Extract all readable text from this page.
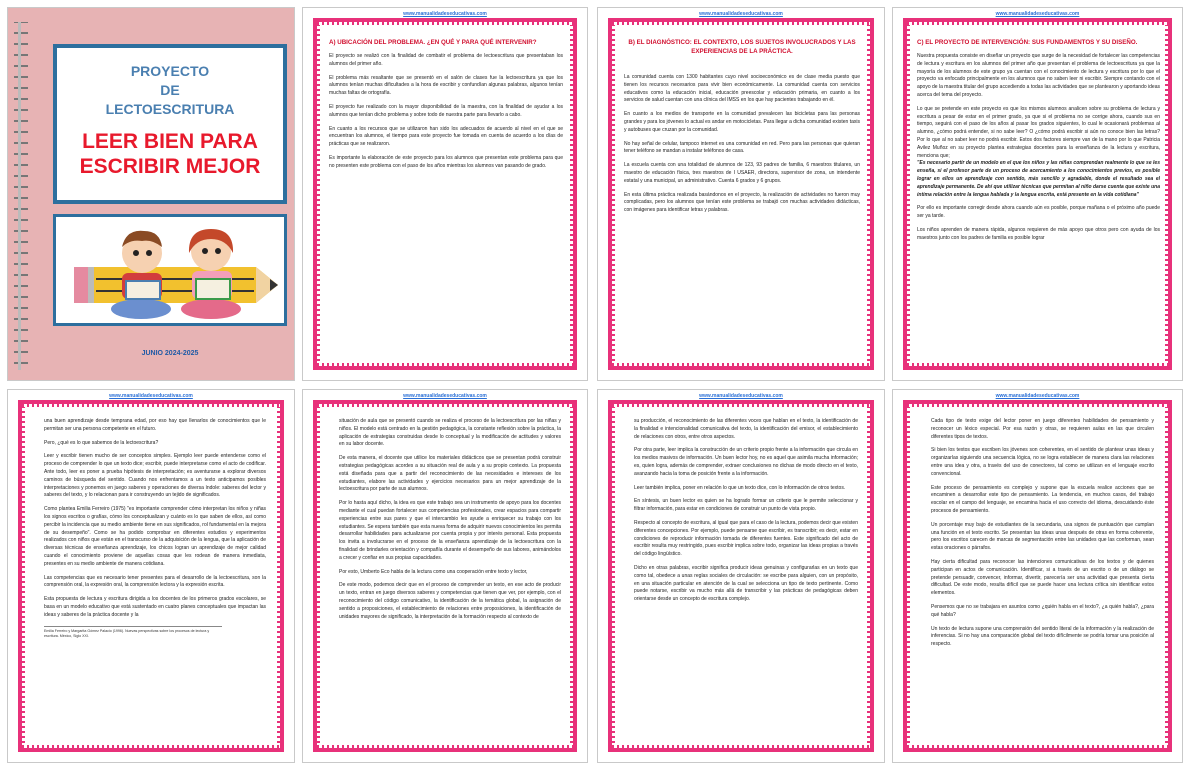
PROYECTO
DE
LECTOESCRITURA
LEER BIEN PARA
ESCRIBIR MEJOR
JUNIO 2024-2025
www.manualidadeseducativas.com
A) UBICACIÓN DEL PROBLEMA. ¿EN QUÉ Y PARA QUÉ INTERVENIR?

El proyecto se realizó con la finalidad de combatir el problema de lectoescritura que presentaban los alumnos del primer año.

El problema más resaltante que se presentó en el salón de clases fue la lectoescritura ya que los alumnos tenían muchas dificultades a la hora de escribir y confundían algunas palabras, algunos tenían muchas faltas de ortografía.

El proyecto fue realizado con la mayor disponibilidad de la maestra, con la finalidad de ayudar a los alumnos que tenían dicho problema y sobre todo de nuestra parte para llevarlo a cabo.

En cuanto a los recursos que se utilizaron han sido los adecuados de acuerdo al nivel en el que se encuentran los alumnos, el tiempo para este proyecto fue tomada en cuenta de acuerdo a los días de prácticas que se realizaron.

Es importante la elaboración de este proyecto para los alumnos que presentan este problema para que no presenten este problema con el paso de los años mientras los alumnos van pasando de grado.

www.manualidadeseducativas.com
B) EL DIAGNÓSTICO: EL CONTEXTO, LOS SUJETOS INVOLUCRADOS Y LAS EXPERIENCIAS DE LA PRÁCTICA.

La comunidad cuenta con 1300 habitantes cuyo nivel socioeconómico es de clase media puesto que tienen los recursos necesarios para vivir bien económicamente. La comunidad cuenta con servicios educativos como la educación inicial, educación preescolar y educación primaria, en cuanto a los servicios de salud cuentan con una clínica del IMSS en los que hay pacientes trabajando en él.

En cuanto a los medios de transporte en la comunidad prevalecen las bicicletas para las personas grandes y para los jóvenes lo actual es andar en motocicletas. Para llegar a dicha comunidad existen taxis y autobuses que cruzan por la comunidad.

No hay señal de celular, tampoco internet es una comunidad en red. Pero para las personas que quieran tener teléfono se mandan a instalar teléfonos de casa.

La escuela cuenta con una totalidad de alumnos de 123, 93 padres de familia, 6 maestros titulares, un maestro de educación física, tres maestros de I USAER, directora, supervisor de zona, un intendente estatal y una municipal, un administrativo. Cuenta 6 grados y 6 grupos.

En esta última práctica realizada basándonos en el proyecto, la realización de actividades no fueron muy complicadas, pero los alumnos que tenían este problema se trabajó con muchas actividades didácticas, con imágenes para identificar letras y palabras.

www.manualidadeseducativas.com
C) EL PROYECTO DE INTERVENCIÓN: SUS FUNDAMENTOS Y SU DISEÑO.

Nuestra propuesta consiste en diseñar un proyecto que surge de la necesidad de fortalecer las competencias de lectura y escritura en los alumnos del primer año que presentan el problema de lectoescritura ya que la mayoría de los alumnos de este grupo ya cuentan con el conocimiento de lectura y escritura por lo que el proyecto va enfocado principalmente en los alumnos que no saben leer ni escribir. Siempre contando con el apoyo de la maestra titular del grupo accediendo a todas las actividades que se plantearon y aportando ideas acerca del tema del proyecto.

Lo que se pretende en este proyecto es que los mismos alumnos analicen sobre su problema de lectura y escritura a pesar de estar en el primer grado, ya que si el problema no se corrige ahora, cuando sus en tiempo, seguirá con el paso de los años al pasar los grados siguientes, lo cual le ocasionará problemas al alumno, ¿cómo podrá entender, si no sabe leer? O ¿cómo podrá escribir si aún no conoce bien las letras? Por lo que al no saber leer no podrá escribir. Estos dos factores siempre van de la mano por lo que Patricia Avilez Muñoz en su proyecto plantea estrategias docentes para la enseñanza de la lectura y escritura, menciona que;

"Es necesario partir de un modelo en el que los niños y las niñas comprendan realmente lo que se les enseña, si el profesor parte de un proceso de acercamiento a los conocimientos previos, es posible lograr en ellos un aprendizaje con sentido, más sencillo y agradable, donde el resultado sea el aprendizaje permanente. De ahí que utilizar técnicas que permitan al niño darse cuenta que existe una íntima relación entre la lengua hablada y la lengua escrita, está presente en la vida cotidiana"

Por ello es importante corregir desde ahora cuando aún es posible, porque mañana o el próximo año puede ser ya tarde.

Los niños aprenden de manera rápida, algunos requieren de más apoyo que otros pero con ayuda de los maestros junto con los padres de familia es posible lograr

www.manualidadeseducativas.com

una buen aprendizaje desde temprana edad, por eso hay que llenarlos de conocimientos que le permitan ser una persona competente en el futuro.

Pero, ¿qué es lo que sabemos de la lectoescritura?

Leer y escribir tienen mucho de ser conceptos simples. Ejemplo leer puede entenderse como el proceso de comprender lo que un texto dice; escribir, puede interpretarse como el acto de codificar. Ante todo, leer es poner a prueba hipótesis de interpretación; es aventurarse a explorar diversos caminos de búsqueda del sentido. Cuando nos enfrentamos a un texto anticipamos posibles interpretaciones y ponemos en juego saberes y operaciones de diversa índole: saberes del lector y saberes del texto, y lo relacionan para ir construyendo un tejido de significados.

Como plantea Emilia Ferreiro (1975) "es importante comprender cómo interpretan los niños y niñas los signos escritos o grafías, cómo los conceptualizan y cuánto es lo que saben de ellos, así como percibir la incidencia que su medio ambiente tiene en sus significados, rol fundamental en la mejora de su desempeño". Como se ha podido comprobar en diferentes estudios y experimentos realizados con niños que están en el transcurso de la adquisición de la lengua, que la aplicación de diversas técnicas de enseñanza aprendizaje, los chicos logran un aprendizaje de mejor calidad cuando el conocimiento proviene de aquellas cosas que les rodean de manera inmediata, presentes en su medio ambiente de manera cotidiana.

Las competencias que es necesario tener presentes para el desarrollo de la lectoescritura, son la comprensión oral, la expresión oral, la comprensión lectora y la expresión escrita.

Esta propuesta de lectura y escritura dirigida a los docentes de los primeros grados escolares, se basa en un modelo educativo que está sustentado en cuatro planes conceptuales que impactan las ideas y saberes de la práctica docente y la

Emilia Ferreiro y Margarita Gómez Palacio (1996). Nuevas perspectivas sobre los procesos de lectura y escritura. México, Siglo XXI.
www.manualidadeseducativas.com

situación de aula que se presentó cuando se realiza el proceso de la lectoescritura por las niñas y niños. El modelo está centrado en la gestión pedagógica, la constante reflexión sobre la práctica, la aplicación de estrategias construidas desde lo conceptual y la modificación de actitudes y valores en su labor docente.

De esta manera, el docente que utilice los materiales didácticos que se presentan podrá construir estrategias pedagógicas acordes a su situación real de aula y a su propio contexto. La propuesta está diseñada para que a partir del reconocimiento de las necesidades e intereses de los estudiantes, elabore las actividades y ejercicios necesarios para un mejor aprendizaje de la lectoescritura por parte de sus alumnos.

Por lo hasta aquí dicho, la idea es que este trabajo sea un instrumento de apoyo para los docentes mediante el cual puedan fortalecer sus competencias profesionales, crear espacios para compartir experiencias entre sus pares y que el intercambio les ayude a enriquecer su trabajo con los estudiantes. Se espera también que esta nueva forma de adquirir nuevos conocimientos les permita desarrollar habilidades para actualizarse por cuenta propia y por interés personal. Esta propuesta los invita a involucrarse en el proceso de la enseñanza aprendizaje de la lectoescritura con la finalidad de brindarles orientación y compañía durante el desempeño de sus labores, animándolos a crecer y confiar en sus propias capacidades.

Por esto, Umberto Eco habla de la lectura como una cooperación entre texto y lector,

De este modo, podemos decir que en el proceso de comprender un texto, en ese acto de producir un texto, entran en juego diversos saberes y competencias que tienen que ver, por ejemplo, con el reconocimiento del código comunicativo, la identificación de la temática global, la asignación de sentido a proposiciones, el establecimiento de relaciones entre proposiciones, la identificación de unidades mayores de significado, la interpretación de la formación respecto al contexto de

www.manualidadeseducativas.com

su producción, el reconocimiento de las diferentes voces que hablan en el texto, la identificación de la finalidad e intencionalidad comunicativa del texto, la identificación del emisor, el establecimiento de relaciones con otros, entre otros aspectos.

Por otra parte, leer implica la construcción de un criterio propio frente a la información que circula en los medios masivos de información. Un buen lector hoy, no es aquel que asimila mucha información; es, quien logra, además de comprender, extraer conclusiones no dichas de modo directo en el texto, avanzando hacia la toma de posición frente a la información.

Leer también implica, poner en relación lo que un texto dice, con lo información de otros textos.

En síntesis, un buen lector es quien se ha logrado formar un criterio que le permite seleccionar y filtrar información, para estar en condiciones de construir un punto de vista propio.

Respecto al concepto de escritura, al igual que para el caso de la lectura, podemos decir que existen diferentes concepciones. Por ejemplo, puede pensarse que escribir, es transcribir; es decir, estar en condiciones de reproducir información tomada de diferentes fuentes. Este significado del acto de escribir resulta muy restringido, pues escribir implica sobre todo, organizar las ideas propias a través del código lingüístico.

Dicho en otras palabras, escribir significa producir ideas genuinas y configurarlas en un texto que como tal, obedece a unas reglas sociales de circulación: se escribe para alguien, con un propósito, en una situación particular en atención de la cual se selecciona un tipo de texto pertinente. Como puede notarse, escribir va mucho más allá de transcribir y las prácticas de pedagógicas deben orientarse desde un concepto de escritura complejo.

www.manualidadeseducativas.com

Cada tipo de texto exige del lector poner en juego diferentes habilidades de pensamiento y reconocer un léxico especial. Por esa razón y otras, se requieren aulas en las que circulen diferentes tipos de textos.

Si bien los textos que escriben los jóvenes son coherentes, en el sentido de plantear unas ideas y organizarlas siguiendo una secuencia lógica, no se logra establecer de manera clara las relaciones entre una idea y otra, a través del uso de conectores, tal como se utilizan en el lenguaje escrito convencional.

Este proceso de pensamiento es complejo y supone que la escuela realice acciones que se encaminen a desarrollar este tipo de pensamiento. La tendencia, en muchos casos, del trabajo escolar en el campo del lenguaje, se encamina hacia el uso correcto del idioma, descuidando éste procesos de pensamiento.

Un porcentaje muy bajo de estudiantes de la secundaria, usa signos de puntuación que cumplan una función en el texto escrito. Se presentan las ideas unas después de otras en forma coherente, pero los escritos carecen de marcas de segmentación entre las unidades que las conforman, sean estas oraciones o párrafos.

Hay cierta dificultad para reconocer las intenciones comunicativas de los textos y de quienes participan en actos de comunicación. Identificar, si a través de un escrito o de un diálogo se pretende persuadir, convencer, informar, divertir, parecería ser una actividad que presenta cierta dificultad. De este modo, resulta difícil que se puede hacer una lectura crítica sin identificar estos elementos.

Pensemos que no se trabajara en asuntos como ¿quién habla en el texto?, ¿a quién habla?, ¿para qué habla?

Un texto de lectura supone una comprensión del sentido literal de la información y la realización de inferencias. Si no hay una comparación global del texto difícilmente se podría tomar una posición al respecto.
